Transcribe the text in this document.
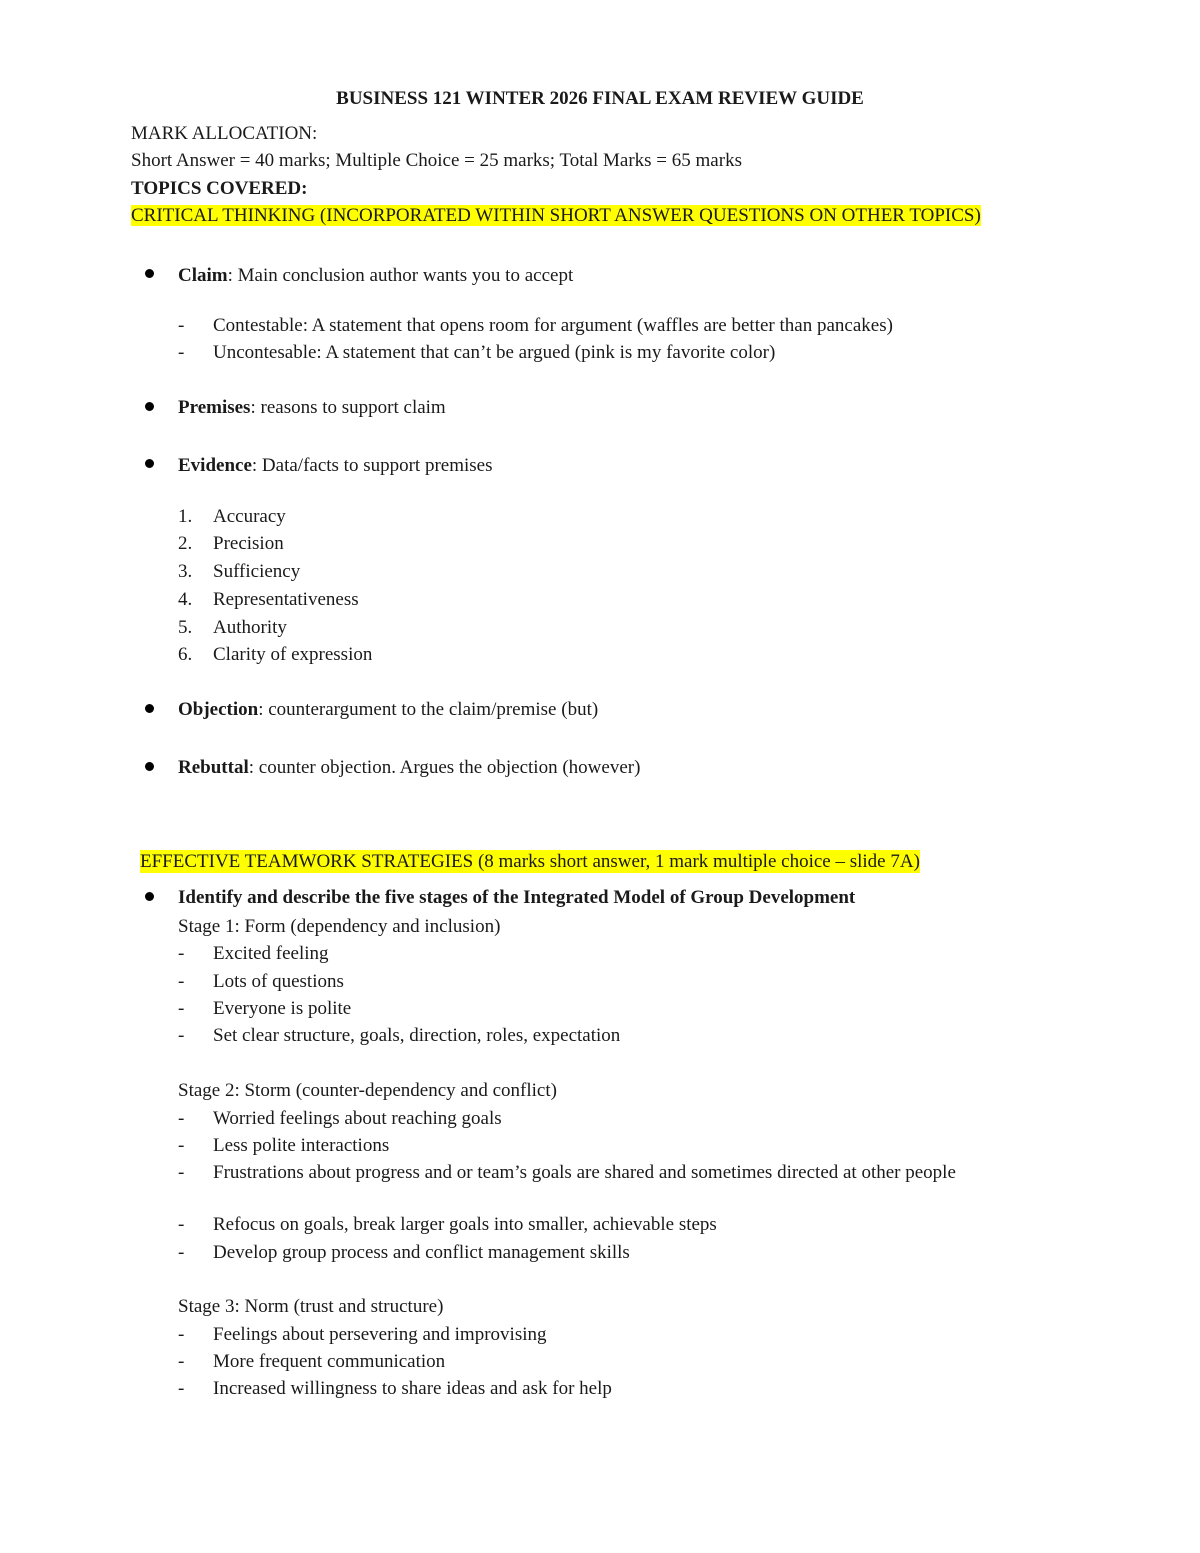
BUSINESS 121 WINTER 2026 FINAL EXAM REVIEW GUIDE
MARK ALLOCATION:
Short Answer = 40 marks; Multiple Choice = 25 marks; Total Marks = 65 marks
TOPICS COVERED:
CRITICAL THINKING (INCORPORATED WITHIN SHORT ANSWER QUESTIONS ON OTHER TOPICS)
Claim: Main conclusion author wants you to accept
- Contestable: A statement that opens room for argument (waffles are better than pancakes)
- Uncontesable: A statement that can’t be argued (pink is my favorite color)
Premises: reasons to support claim
Evidence: Data/facts to support premises
1. Accuracy
2. Precision
3. Sufficiency
4. Representativeness
5. Authority
6. Clarity of expression
Objection: counterargument to the claim/premise (but)
Rebuttal: counter objection. Argues the objection (however)
EFFECTIVE TEAMWORK STRATEGIES (8 marks short answer, 1 mark multiple choice – slide 7A)
Identify and describe the five stages of the Integrated Model of Group Development
Stage 1: Form (dependency and inclusion)
- Excited feeling
- Lots of questions
- Everyone is polite
- Set clear structure, goals, direction, roles, expectation
Stage 2: Storm (counter-dependency and conflict)
- Worried feelings about reaching goals
- Less polite interactions
- Frustrations about progress and or team’s goals are shared and sometimes directed at other people
- Refocus on goals, break larger goals into smaller, achievable steps
- Develop group process and conflict management skills
Stage 3: Norm (trust and structure)
- Feelings about persevering and improvising
- More frequent communication
- Increased willingness to share ideas and ask for help
